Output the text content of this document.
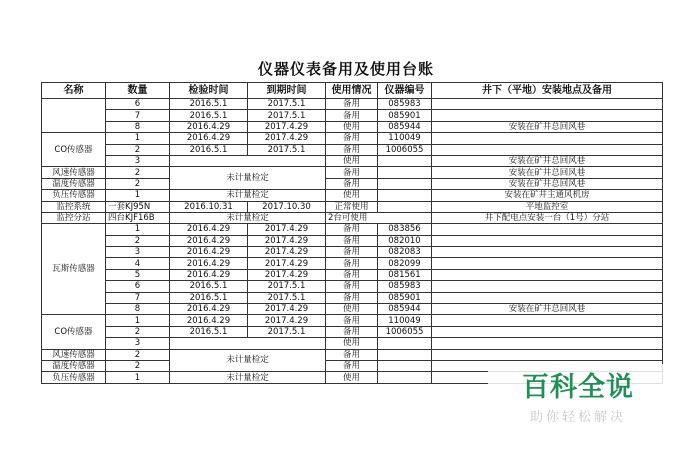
仪器仪表备用及使用台账
名称	数量	检验时间	到期时间	使用情况	仪器编号	井下（平地）安装地点及备用
	6	2016.5.1	2017.5.1	备用	085983	
	7	2016.5.1	2017.5.1	备用	085901	
	8	2016.4.29	2017.4.29	使用	085944	安装在矿井总回风巷
CO传感器	1	2016.4.29	2017.4.29	备用	110049	
	2	2016.5.1	2017.5.1	备用	1006055	
	3			使用		安装在矿井总回风巷
风速传感器	2	未计量检定		备用		安装在矿井总回风巷
温度传感器	2			备用		安装在矿井总回风巷
负压传感器	1	未计量检定		使用		安装在矿井主通风机房
监控系统	一套KJ95N	2016.10.31	2017.10.30	正常使用		平地监控室
监控分站	四台KJF16B	未计量检定		2台可使用		井下配电点安装一台（1号）分站
瓦斯传感器	1	2016.4.29	2017.4.29	备用	083856	
	2	2016.4.29	2017.4.29	备用	082010	
	3	2016.4.29	2017.4.29	备用	082083	
	4	2016.4.29	2017.4.29	备用	082099	
	5	2016.4.29	2017.4.29	备用	081561	
	6	2016.5.1	2017.5.1	备用	085983	
	7	2016.5.1	2017.5.1	备用	085901	
	8	2016.4.29	2017.4.29	使用	085944	安装在矿井总回风巷
CO传感器	1	2016.4.29	2017.4.29	备用	110049	
	2	2016.5.1	2017.5.1	备用	1006055	
	3			使用		
风速传感器	2	未计量检定		备用		
温度传感器	2			备用		
负压传感器	1	未计量检定		使用			百科全说
助你轻松解决
